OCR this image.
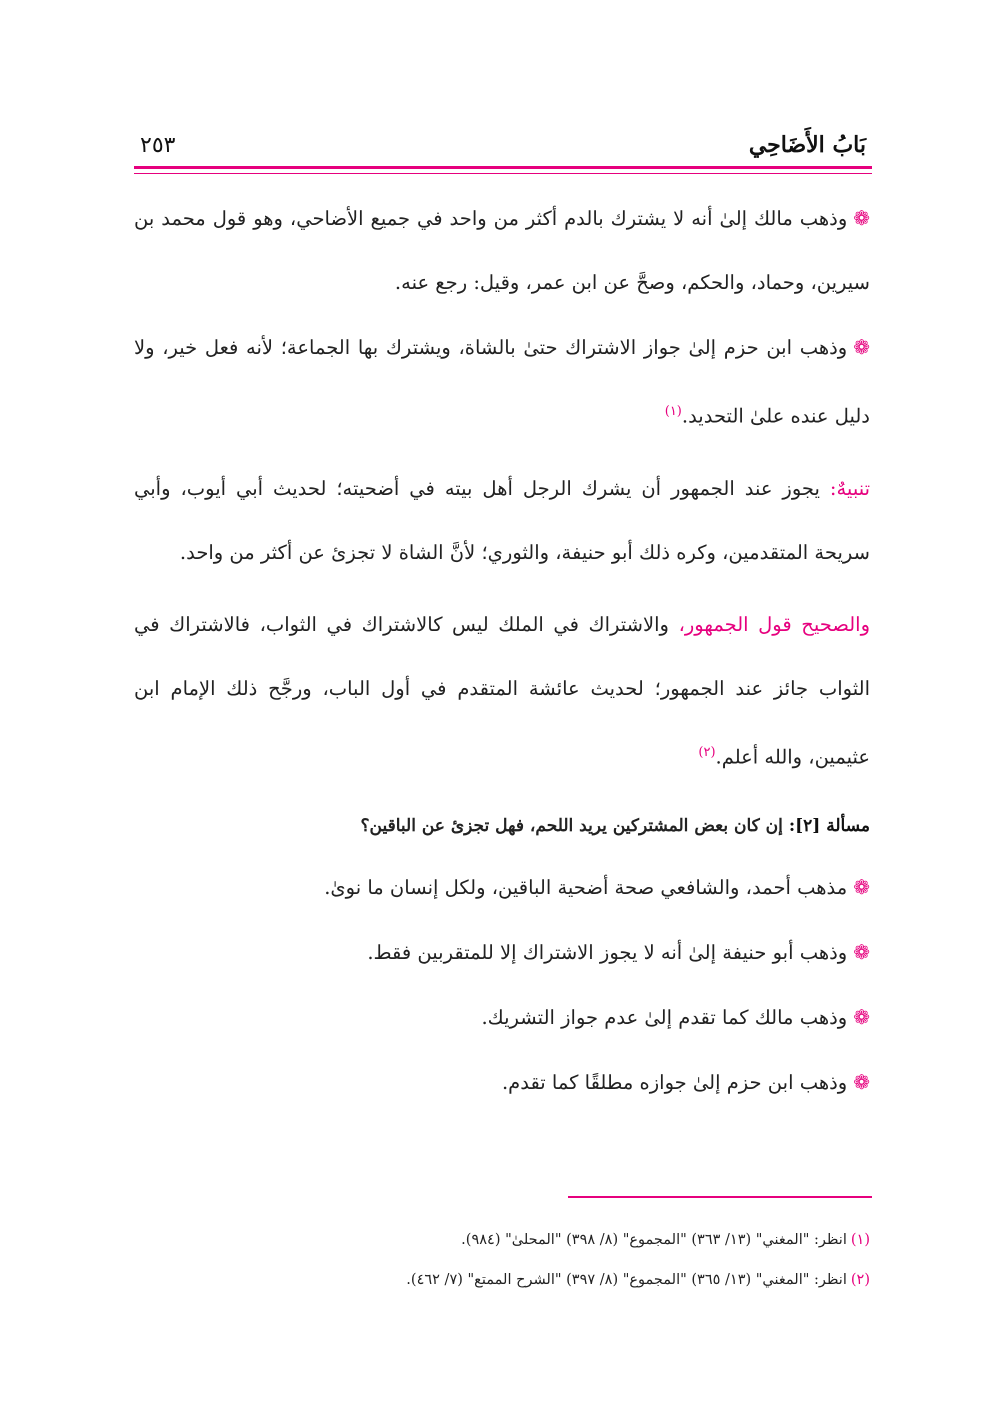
بَابُ الأَضَاحِي
٢٥٣

❁وذهب مالك إلىٰ أنه لا يشترك بالدم أكثر من واحد في جميع الأضاحي، وهو قول محمد بن سيرين، وحماد، والحكم، وصحَّ عن ابن عمر، وقيل: رجع عنه.

❁وذهب ابن حزم إلىٰ جواز الاشتراك حتىٰ بالشاة، ويشترك بها الجماعة؛ لأنه فعل خير، ولا دليل عنده علىٰ التحديد.$^{(١)}$

تنبيهٌ: يجوز عند الجمهور أن يشرك الرجل أهل بيته في أضحيته؛ لحديث أبي أيوب، وأبي سريحة المتقدمين، وكره ذلك أبو حنيفة، والثوري؛ لأنَّ الشاة لا تجزئ عن أكثر من واحد.

والصحيح قول الجمهور، والاشتراك في الملك ليس كالاشتراك في الثواب، فالاشتراك في الثواب جائز عند الجمهور؛ لحديث عائشة المتقدم في أول الباب، ورجَّح ذلك الإمام ابن عثيمين، والله أعلم.$^{(٢)}$

مسألة [٢]: إن كان بعض المشتركين يريد اللحم، فهل تجزئ عن الباقين؟

❁مذهب أحمد، والشافعي صحة أضحية الباقين، ولكل إنسان ما نوىٰ.

❁وذهب أبو حنيفة إلىٰ أنه لا يجوز الاشتراك إلا للمتقربين فقط.

❁وذهب مالك كما تقدم إلىٰ عدم جواز التشريك.

❁وذهب ابن حزم إلىٰ جوازه مطلقًا كما تقدم.

(١)انظر: "المغني" (١٣/ ٣٦٣) "المجموع" (٨/ ٣٩٨) "المحلىٰ" (٩٨٤).
(٢)انظر: "المغني" (١٣/ ٣٦٥) "المجموع" (٨/ ٣٩٧) "الشرح الممتع" (٧/ ٤٦٢).
